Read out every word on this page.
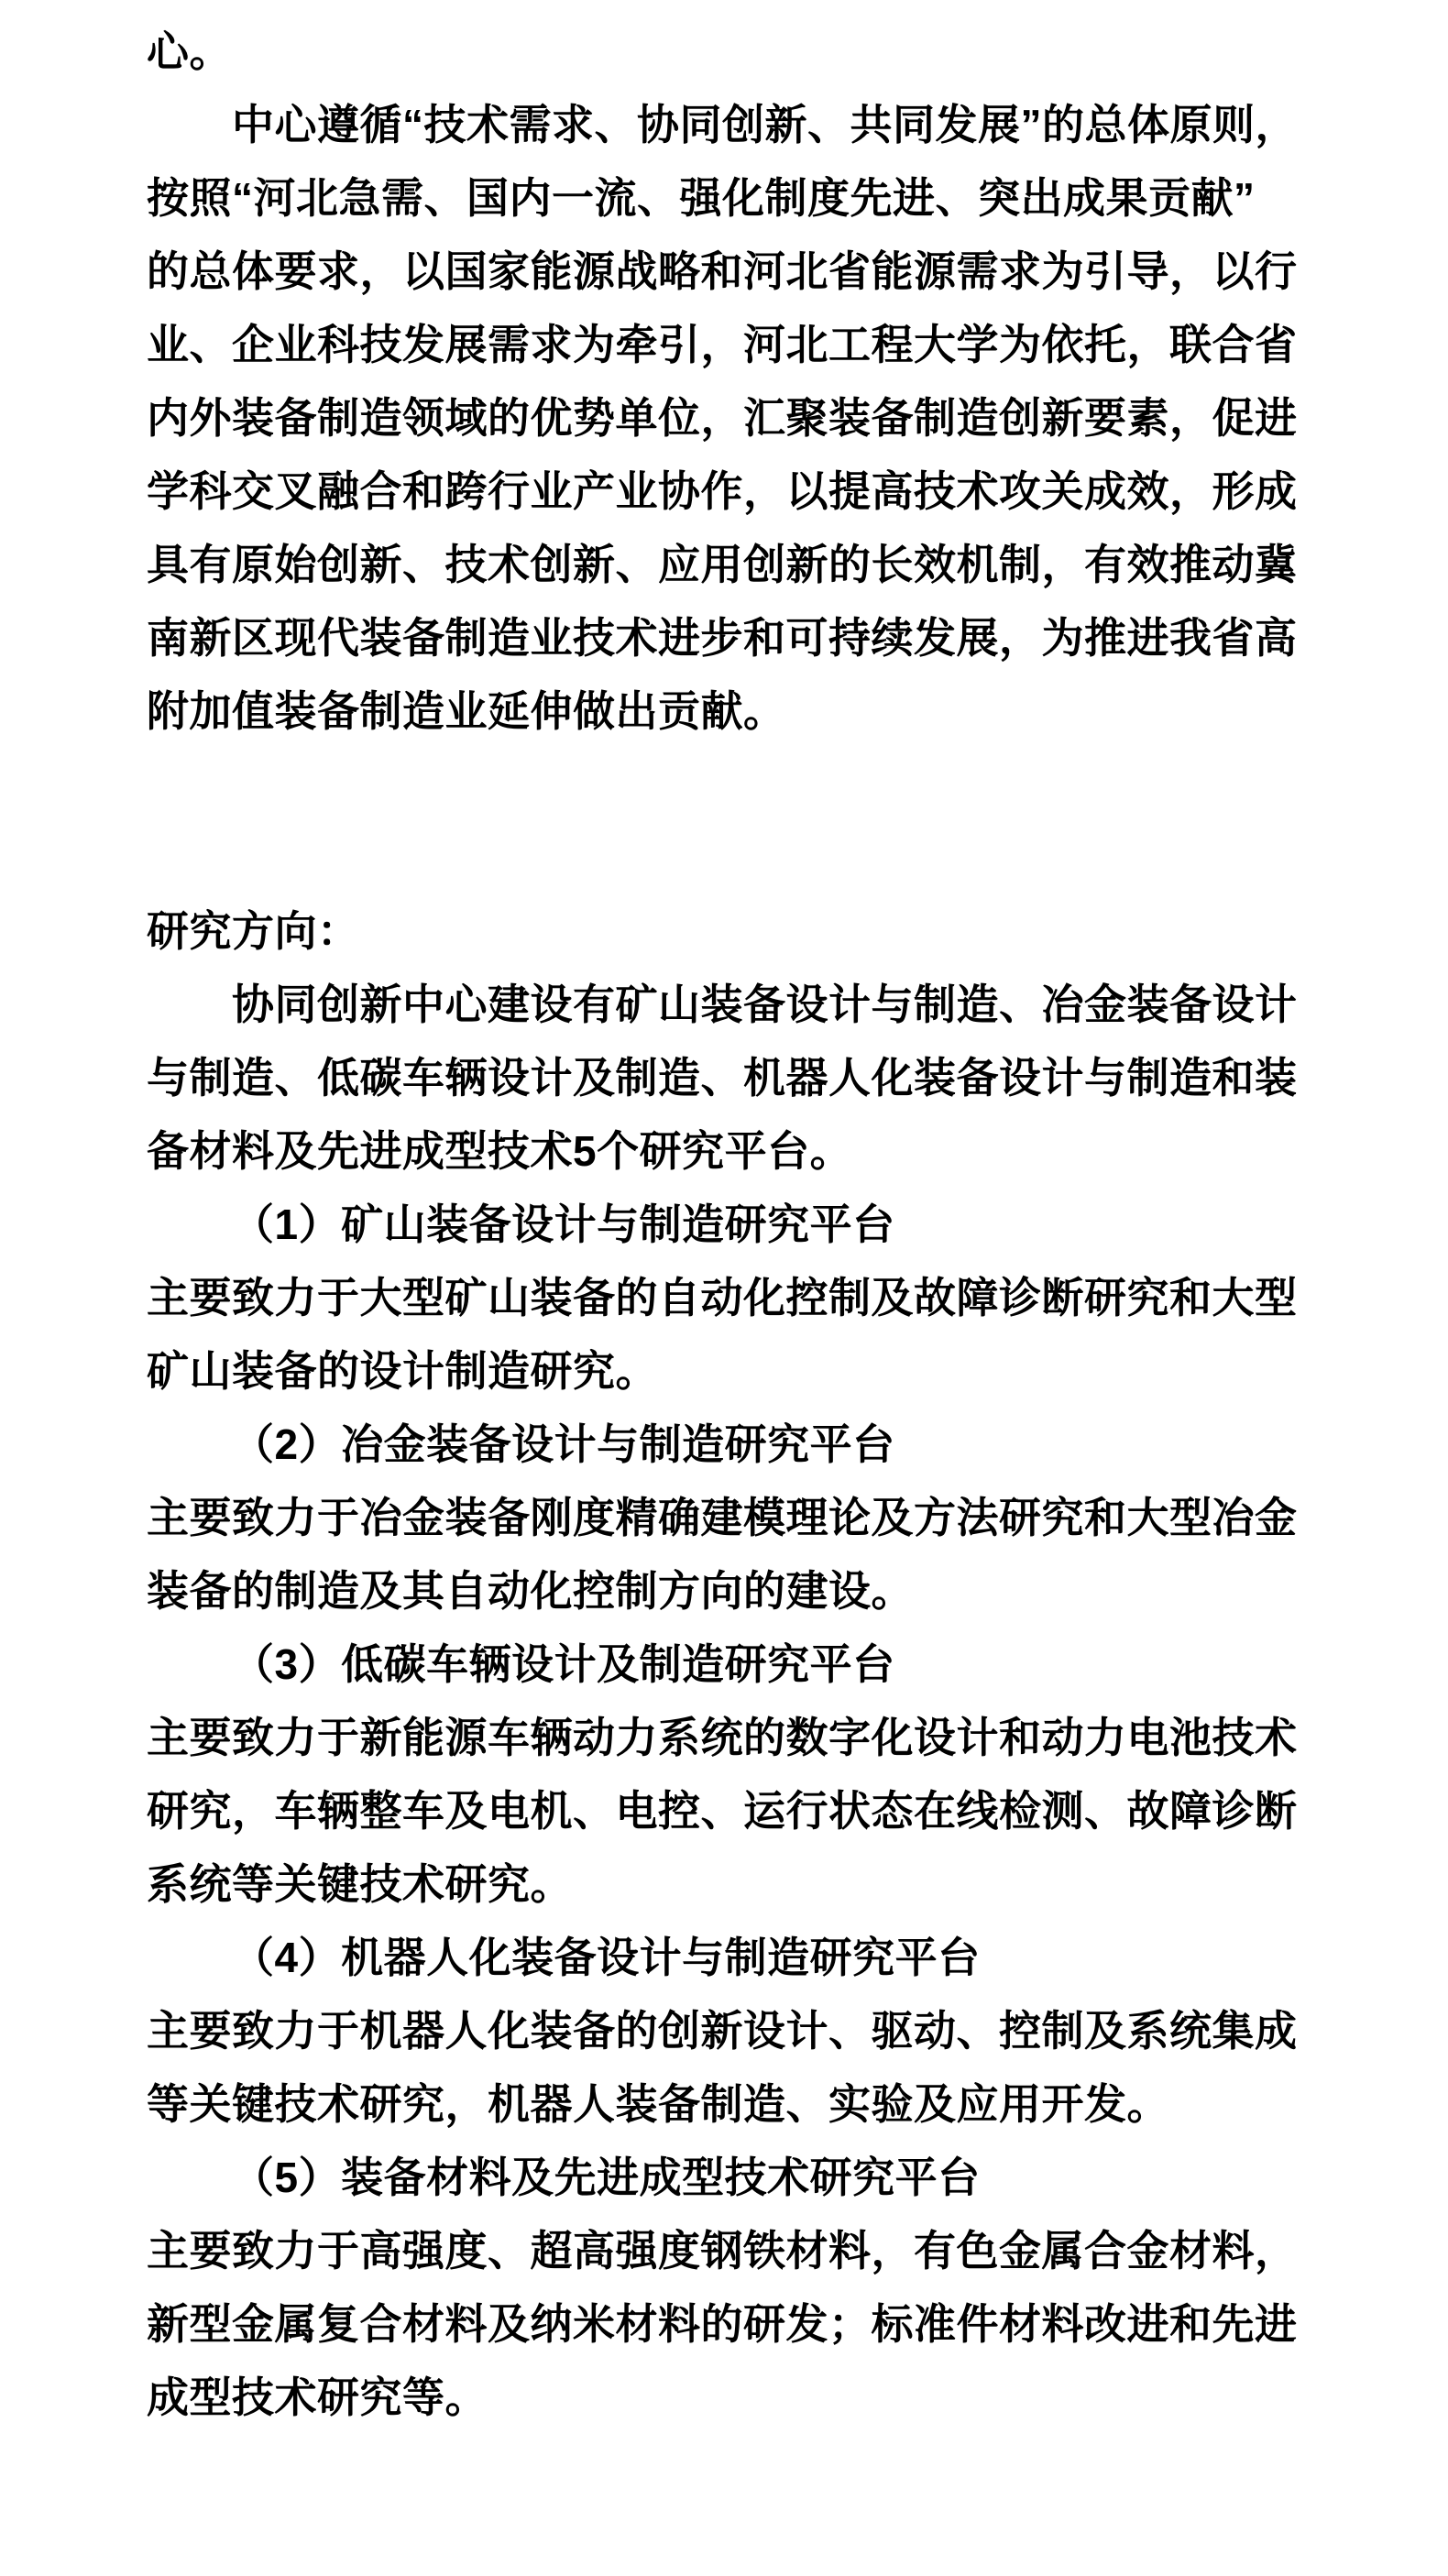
心。
中心遵循“技术需求、协同创新、共同发展”的总体原则，
按照“河北急需、国内一流、强化制度先进、突出成果贡献”
的总体要求，以国家能源战略和河北省能源需求为引导，以行
业、企业科技发展需求为牵引，河北工程大学为依托，联合省
内外装备制造领域的优势单位，汇聚装备制造创新要素，促进
学科交叉融合和跨行业产业协作，以提高技术攻关成效，形成
具有原始创新、技术创新、应用创新的长效机制，有效推动冀
南新区现代装备制造业技术进步和可持续发展，为推进我省高
附加值装备制造业延伸做出贡献。
研究方向：
协同创新中心建设有矿山装备设计与制造、冶金装备设计
与制造、低碳车辆设计及制造、机器人化装备设计与制造和装
备材料及先进成型技术5个研究平台。
（1）矿山装备设计与制造研究平台
主要致力于大型矿山装备的自动化控制及故障诊断研究和大型
矿山装备的设计制造研究。
（2）冶金装备设计与制造研究平台
主要致力于冶金装备刚度精确建模理论及方法研究和大型冶金
装备的制造及其自动化控制方向的建设。
（3）低碳车辆设计及制造研究平台
主要致力于新能源车辆动力系统的数字化设计和动力电池技术
研究，车辆整车及电机、电控、运行状态在线检测、故障诊断
系统等关键技术研究。
（4）机器人化装备设计与制造研究平台
主要致力于机器人化装备的创新设计、驱动、控制及系统集成
等关键技术研究，机器人装备制造、实验及应用开发。
（5）装备材料及先进成型技术研究平台
主要致力于高强度、超高强度钢铁材料，有色金属合金材料，
新型金属复合材料及纳米材料的研发；标准件材料改进和先进
成型技术研究等。
